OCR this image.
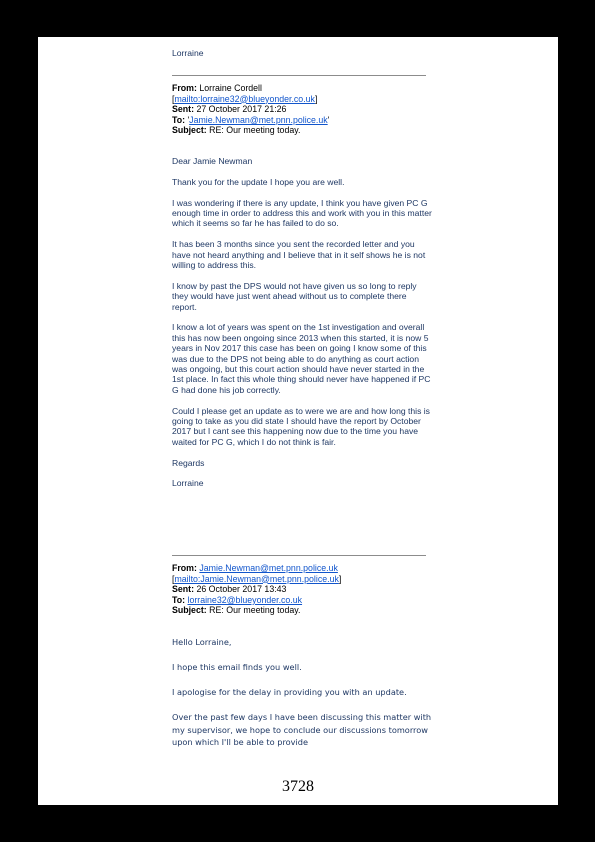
Lorraine
From: Lorraine Cordell
[mailto:lorraine32@blueyonder.co.uk]
Sent: 27 October 2017 21:26
To: 'Jamie.Newman@met.pnn.police.uk'
Subject: RE: Our meeting today.

Dear Jamie Newman

Thank you for the update I hope you are well.

I was wondering if there is any update, I think you have given PC G enough time in order to address this and work with you in this matter which it seems so far he has failed to do so.

It has been 3 months since you sent the recorded letter and you have not heard anything and I believe that in it self shows he is not willing to address this.

I know by past the DPS would not have given us so long to reply they would have just went ahead without us to complete there report.

I know a lot of years was spent on the 1st investigation and overall this has now been ongoing since 2013 when this started, it is now 5 years in Nov 2017 this case has been on going I know some of this was due to the DPS not being able to do anything as court action was ongoing, but this court action should have never started in the 1st place. In fact this whole thing should never have happened if PC G had done his job correctly.

Could I please get an update as to were we are and how long this is going to take as you did state I should have the report by October 2017 but I cant see this happening now due to the time you have waited for PC G, which I do not think is fair.

Regards

Lorraine

From: Jamie.Newman@met.pnn.police.uk
[mailto:Jamie.Newman@met.pnn.police.uk]
Sent: 26 October 2017 13:43
To: lorraine32@blueyonder.co.uk
Subject: RE: Our meeting today.

Hello Lorraine,

I hope this email finds you well.

I apologise for the delay in providing you with an update.

Over the past few days I have been discussing this matter with my supervisor, we hope to conclude our discussions tomorrow upon which I'll be able to provide

3728
